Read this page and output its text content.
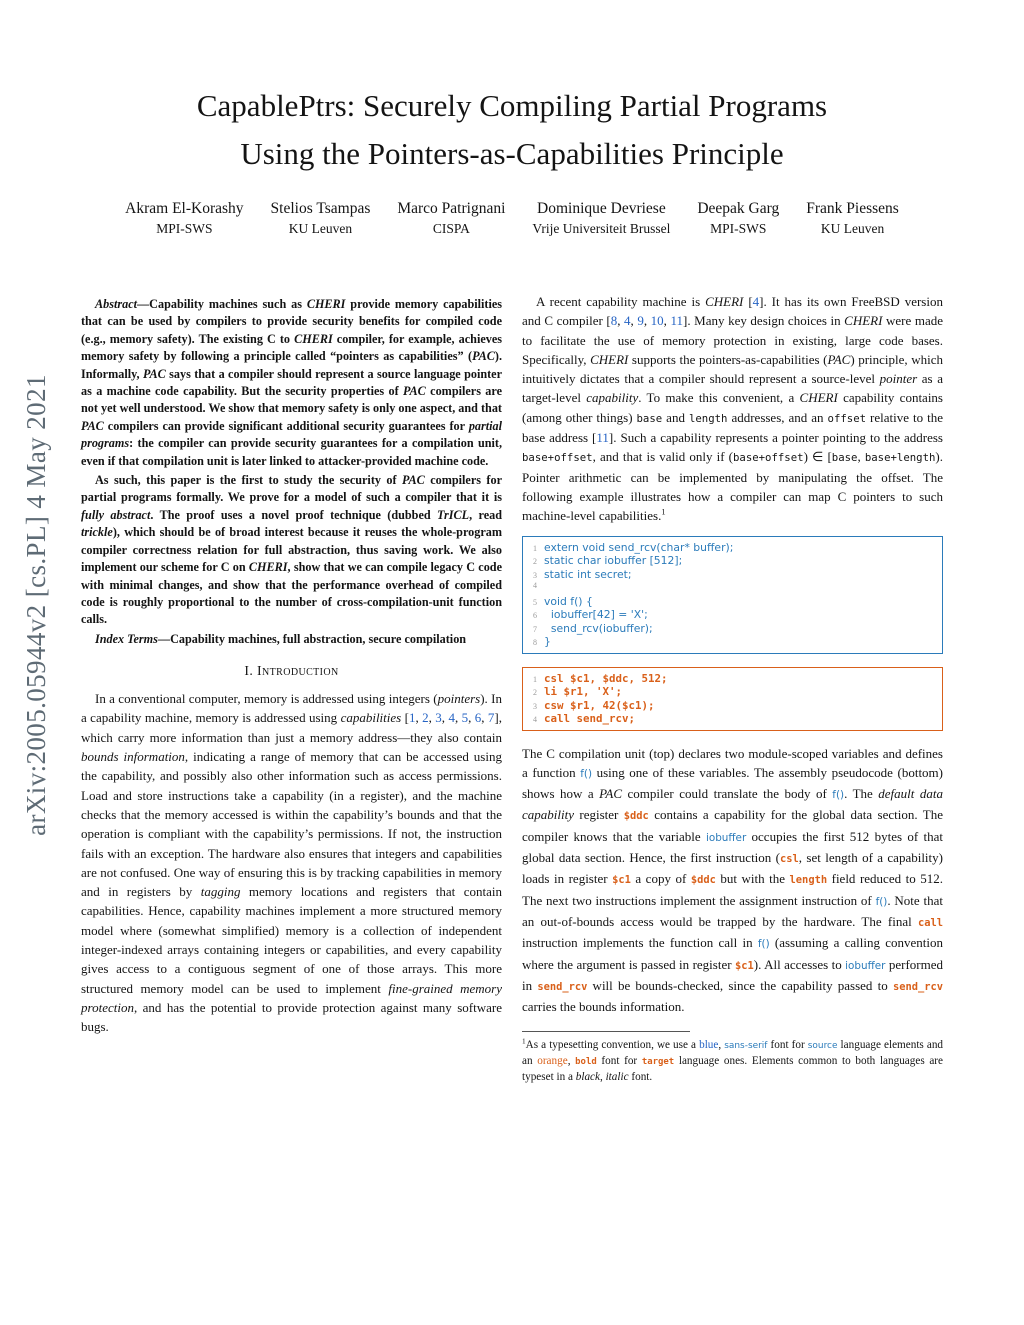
arXiv:2005.05944v2 [cs.PL] 4 May 2021
CapablePtrs: Securely Compiling Partial Programs
Using the Pointers-as-Capabilities Principle
Akram El-Korashy
MPI-SWS
Stelios Tsampas
KU Leuven
Marco Patrignani
CISPA
Dominique Devriese
Vrije Universiteit Brussel
Deepak Garg
MPI-SWS
Frank Piessens
KU Leuven

Abstract—Capability machines such as CHERI provide memory capabilities that can be used by compilers to provide security benefits for compiled code (e.g., memory safety). The existing C to CHERI compiler, for example, achieves memory safety by following a principle called “pointers as capabilities” (PAC). Informally, PAC says that a compiler should represent a source language pointer as a machine code capability. But the security properties of PAC compilers are not yet well understood. We show that memory safety is only one aspect, and that PAC compilers can provide significant additional security guarantees for partial programs: the compiler can provide security guarantees for a compilation unit, even if that compilation unit is later linked to attacker-provided machine code.

As such, this paper is the first to study the security of PAC compilers for partial programs formally. We prove for a model of such a compiler that it is fully abstract. The proof uses a novel proof technique (dubbed TrICL, read trickle), which should be of broad interest because it reuses the whole-program compiler correctness relation for full abstraction, thus saving work. We also implement our scheme for C on CHERI, show that we can compile legacy C code with minimal changes, and show that the performance overhead of compiled code is roughly proportional to the number of cross-compilation-unit function calls.

Index Terms—Capability machines, full abstraction, secure compilation

I. Introduction

In a conventional computer, memory is addressed using integers (pointers). In a capability machine, memory is addressed using capabilities [1, 2, 3, 4, 5, 6, 7], which carry more information than just a memory address—they also contain bounds information, indicating a range of memory that can be accessed using the capability, and possibly also other information such as access permissions. Load and store instructions take a capability (in a register), and the machine checks that the memory accessed is within the capability’s bounds and that the operation is compliant with the capability’s permissions. If not, the instruction fails with an exception. The hardware also ensures that integers and capabilities are not confused. One way of ensuring this is by tracking capabilities in memory and in registers by tagging memory locations and registers that contain capabilities. Hence, capability machines implement a more structured memory model where (somewhat simplified) memory is a collection of independent integer-indexed arrays containing integers or capabilities, and every capability gives access to a contiguous segment of one of those arrays. This more structured memory model can be used to implement fine-grained memory protection, and has the potential to provide protection against many software bugs.

A recent capability machine is CHERI [4]. It has its own FreeBSD version and C compiler [8, 4, 9, 10, 11]. Many key design choices in CHERI were made to facilitate the use of memory protection in existing, large code bases. Specifically, CHERI supports the pointers-as-capabilities (PAC) principle, which intuitively dictates that a compiler should represent a source-level pointer as a target-level capability. To make this convenient, a CHERI capability contains (among other things) base and length addresses, and an offset relative to the base address [11]. Such a capability represents a pointer pointing to the address base+offset, and that is valid only if (base+offset) ∈ [base, base+length). Pointer arithmetic can be implemented by manipulating the offset. The following example illustrates how a compiler can map C pointers to such machine-level capabilities.$^1$

1 extern void send_rcv(char* buffer);
2 static char iobuffer [512];
3 static int secret;
4
5 void f() {
6 iobuffer[42] = 'X';
7 send_rcv(iobuffer);
8 }
1 csl $c1, $ddc, 512;
2 li $r1, 'X';
3 csw $r1, 42($c1);
4 call send_rcv;

The C compilation unit (top) declares two module-scoped variables and defines a function f() using one of these variables. The assembly pseudocode (bottom) shows how a PAC compiler could translate the body of f(). The default data capability register $ddc contains a capability for the global data section. The compiler knows that the variable iobuffer occupies the first 512 bytes of that global data section. Hence, the first instruction (csl, set length of a capability) loads in register $c1 a copy of $ddc but with the length field reduced to 512. The next two instructions implement the assignment instruction of f(). Note that an out-of-bounds access would be trapped by the hardware. The final call instruction implements the function call in f() (assuming a calling convention where the argument is passed in register $c1). All accesses to iobuffer performed in send_rcv will be bounds-checked, since the capability passed to send_rcv carries the bounds information.

$^1$As a typesetting convention, we use a blue, sans-serif font for source language elements and an orange, bold font for target language ones. Elements common to both languages are typeset in a black, italic font.
